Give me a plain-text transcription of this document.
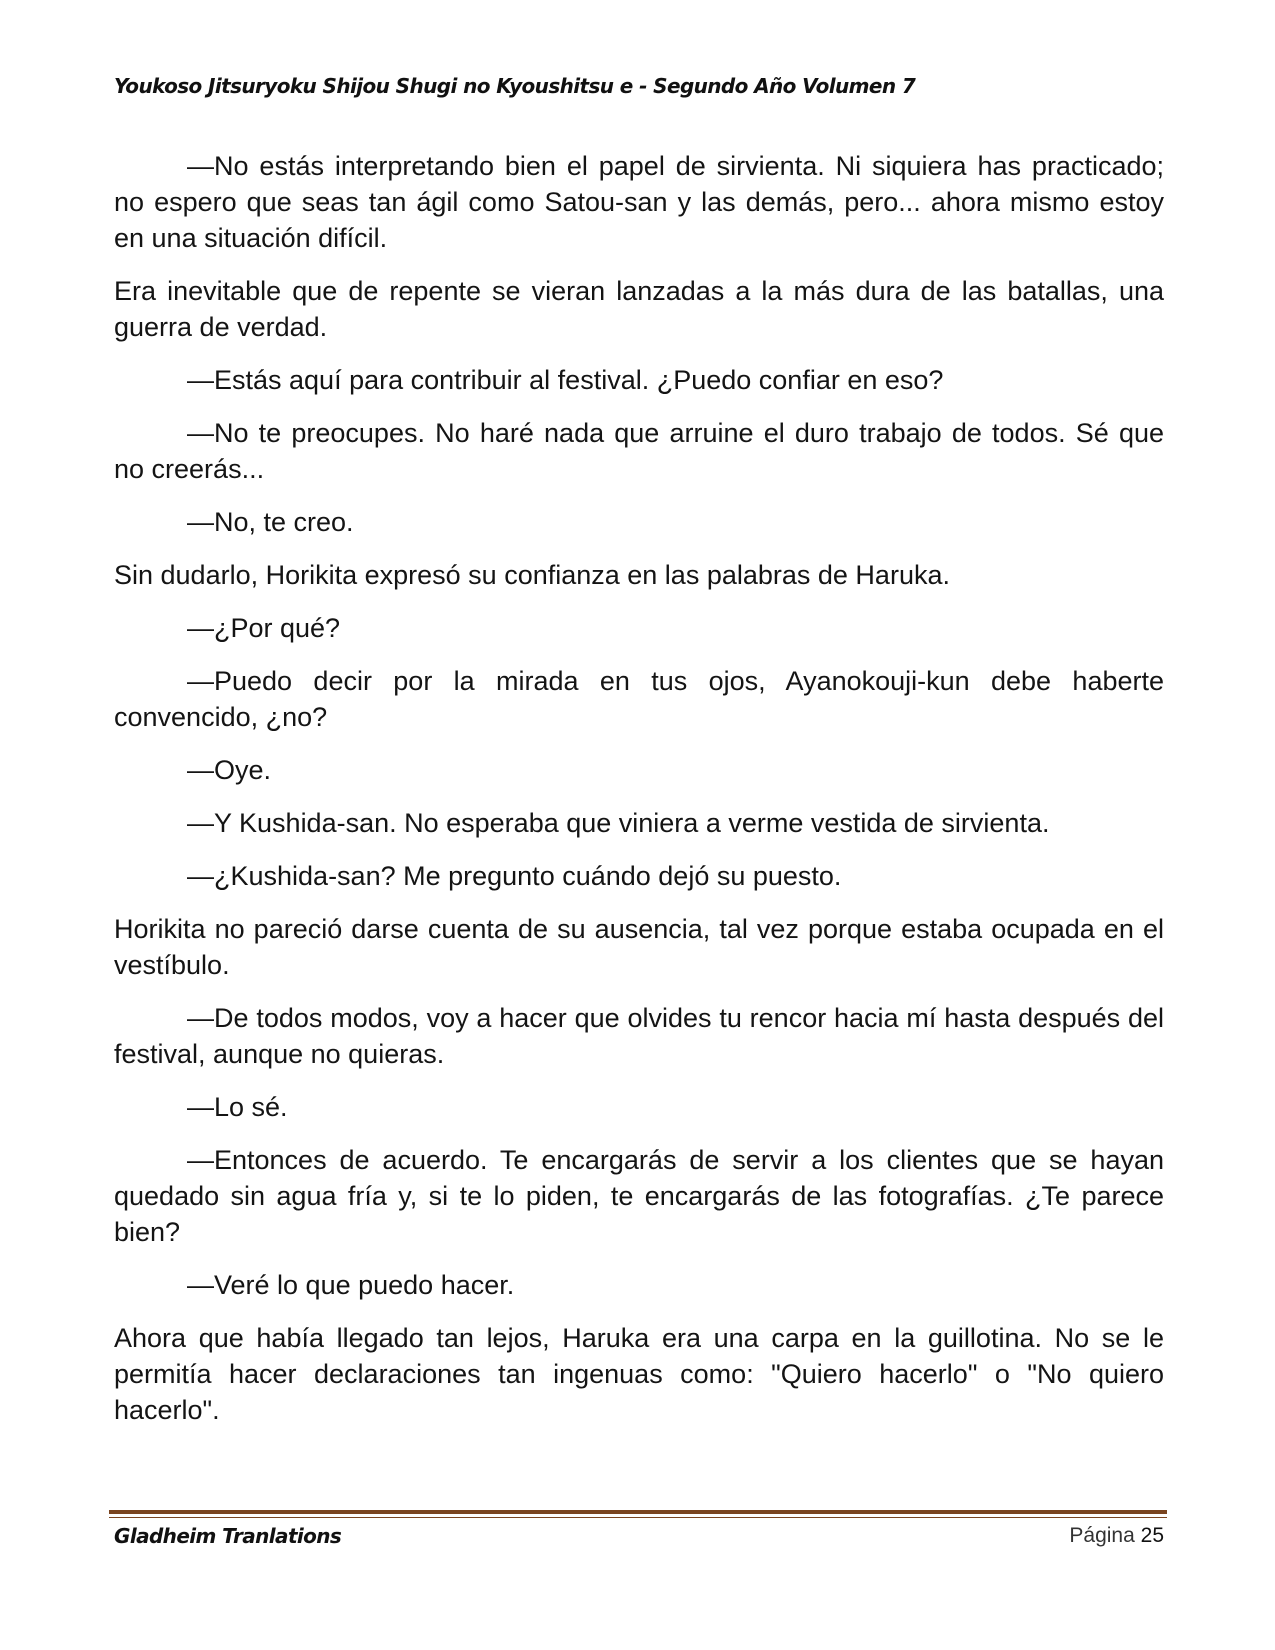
Youkoso Jitsuryoku Shijou Shugi no Kyoushitsu e - Segundo Año Volumen 7

—No estás interpretando bien el papel de sirvienta. Ni siquiera has practicado; no espero que seas tan ágil como Satou-san y las demás, pero... ahora mismo estoy en una situación difícil.

Era inevitable que de repente se vieran lanzadas a la más dura de las batallas, una guerra de verdad.

—Estás aquí para contribuir al festival. ¿Puedo confiar en eso?

—No te preocupes. No haré nada que arruine el duro trabajo de todos. Sé que no creerás...

—No, te creo.

Sin dudarlo, Horikita expresó su confianza en las palabras de Haruka.

—¿Por qué?

—Puedo decir por la mirada en tus ojos, Ayanokouji-kun debe haberte convencido, ¿no?

—Oye.

—Y Kushida-san. No esperaba que viniera a verme vestida de sirvienta.

—¿Kushida-san? Me pregunto cuándo dejó su puesto.

Horikita no pareció darse cuenta de su ausencia, tal vez porque estaba ocupada en el vestíbulo.

—De todos modos, voy a hacer que olvides tu rencor hacia mí hasta después del festival, aunque no quieras.

—Lo sé.

—Entonces de acuerdo. Te encargarás de servir a los clientes que se hayan quedado sin agua fría y, si te lo piden, te encargarás de las fotografías. ¿Te parece bien?

—Veré lo que puedo hacer.

Ahora que había llegado tan lejos, Haruka era una carpa en la guillotina. No se le permitía hacer declaraciones tan ingenuas como: "Quiero hacerlo" o "No quiero hacerlo".

Gladheim Tranlations	Página 25
